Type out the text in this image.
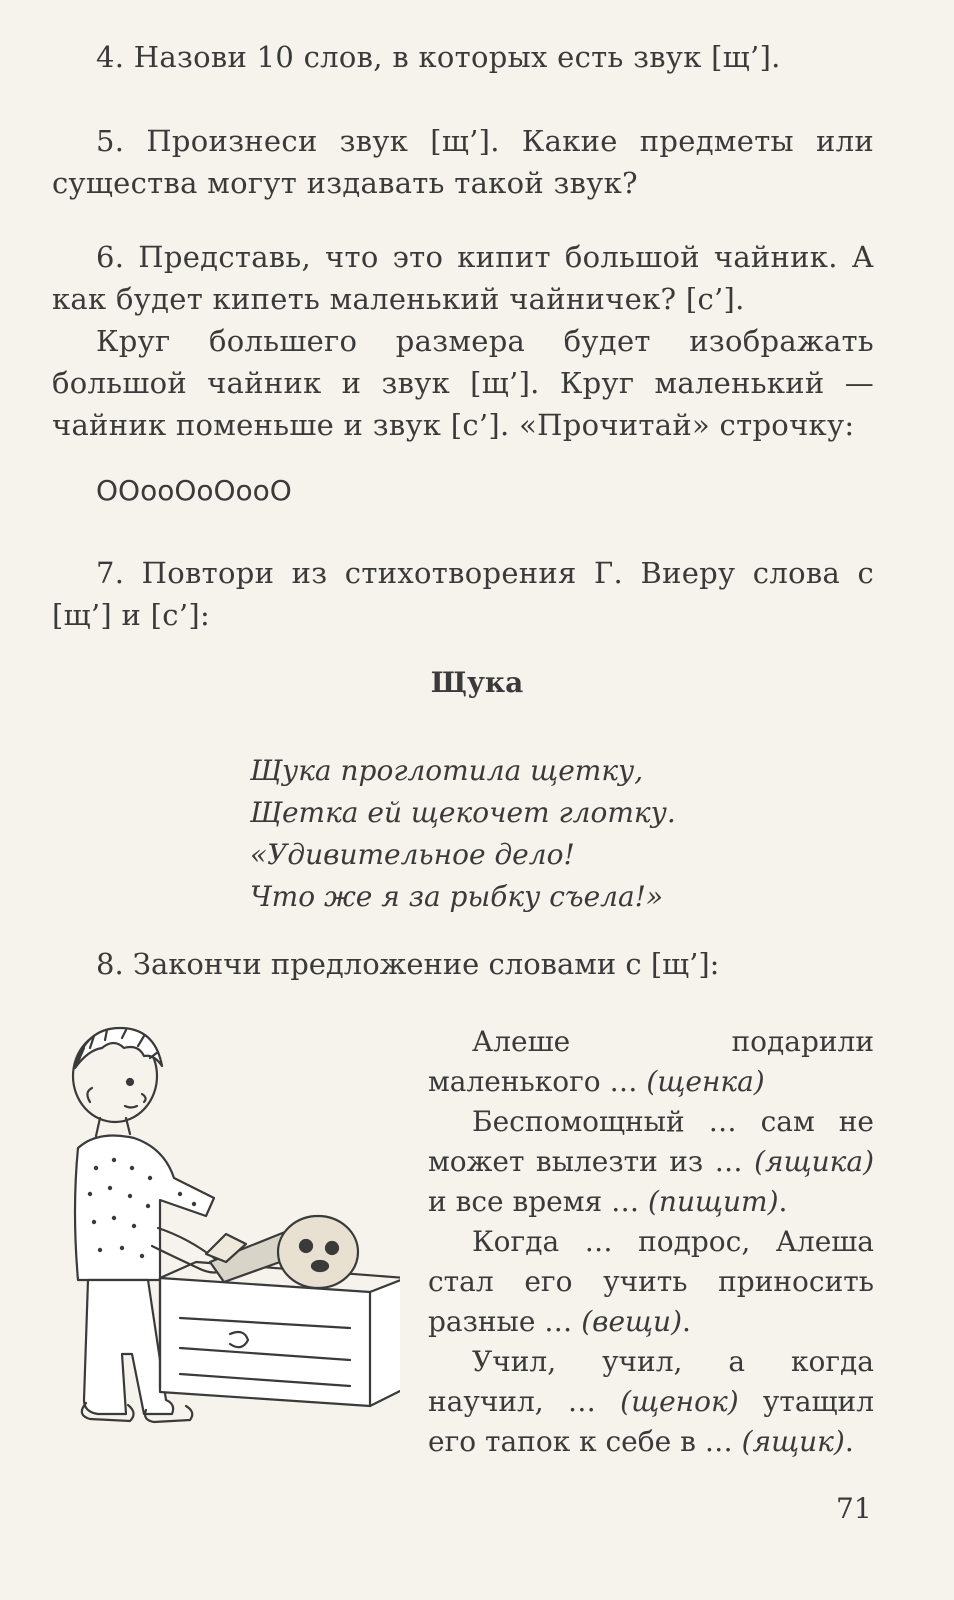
4. Назови 10 слов, в которых есть звук [щ’].
5. Произнеси звук [щ’]. Какие предметы или существа могут издавать такой звук?
6. Представь, что это кипит большой чайник. А как будет кипеть маленький чайничек? [с’].
Круг большего размера будет изображать большой чайник и звук [щ’]. Круг маленький — чайник поменьше и звук [с’]. «Прочитай» строчку:
ООооОоОооО
7. Повтори из стихотворения Г. Виеру слова с [щ’] и [с’]:
Щука
Щука проглотила щетку,
Щетка ей щекочет глотку.
«Удивительное дело!
Что же я за рыбку съела!»
8. Закончи предложение словами с [щ’]:

Алеше подарили маленького … (щенка)

Беспомощный … сам не может вылезти из … (ящика) и все время … (пищит).

Когда … подрос, Алеша стал его учить приносить разные … (вещи).

Учил, учил, а когда научил, … (щенок) утащил его тапок к себе в … (ящик).

71
